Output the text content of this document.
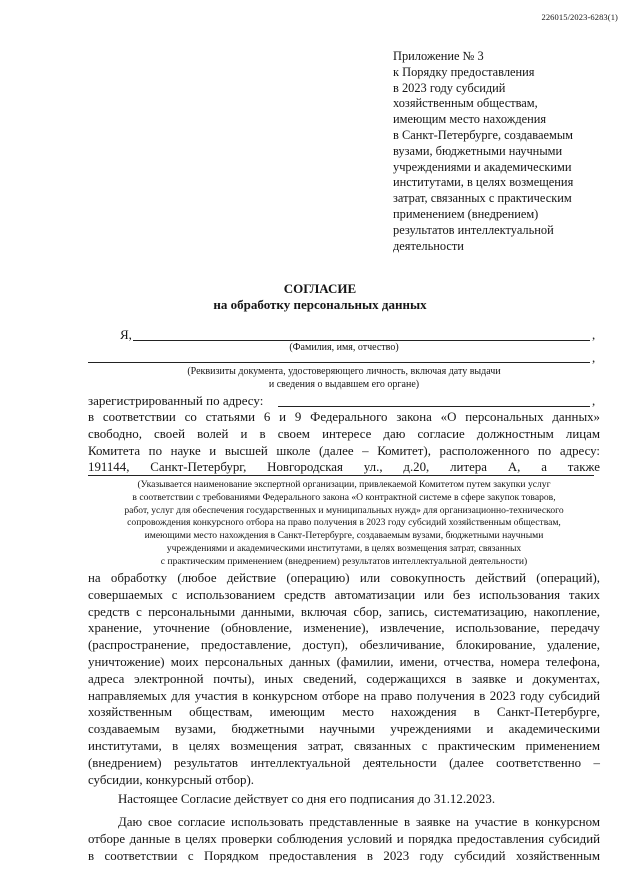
226015/2023-6283(1)
Приложение № 3
к Порядку предоставления
в 2023 году субсидий
хозяйственным обществам,
имеющим место нахождения
в Санкт-Петербурге, создаваемым
вузами, бюджетными научными
учреждениями и академическими
институтами, в целях возмещения
затрат, связанных с практическим
применением (внедрением)
результатов интеллектуальной
деятельности
СОГЛАСИЕ
на обработку персональных данных
Я,	,
(Фамилия, имя, отчество)
,
(Реквизиты документа, удостоверяющего личность, включая дату выдачи
и сведения о выдавшем его органе)
зарегистрированный по адресу:	,
в соответствии со статьями 6 и 9 Федерального закона «О персональных данных»
свободно, своей волей и в своем интересе даю согласие должностным лицам
Комитета по науке и высшей школе (далее – Комитет), расположенного по адресу:
191144, Санкт-Петербург, Новгородская ул., д.20, литера А, а также
(Указывается наименование экспертной организации, привлекаемой Комитетом путем закупки услуг
в соответствии с требованиями Федерального закона «О контрактной системе в сфере закупок товаров,
работ, услуг для обеспечения государственных и муниципальных нужд» для организационно-технического
сопровождения конкурсного отбора на право получения в 2023 году субсидий хозяйственным обществам,
имеющими место нахождения в Санкт-Петербурге, создаваемым вузами, бюджетными научными
учреждениями и академическими институтами, в целях возмещения затрат, связанных
с практическим применением (внедрением) результатов интеллектуальной деятельности)
на обработку (любое действие (операцию) или совокупность действий (операций),
совершаемых с использованием средств автоматизации или без использования таких
средств с персональными данными, включая сбор, запись, систематизацию, накопление,
хранение, уточнение (обновление, изменение), извлечение, использование, передачу
(распространение, предоставление, доступ), обезличивание, блокирование, удаление,
уничтожение) моих персональных данных (фамилии, имени, отчества, номера телефона,
адреса электронной почты), иных сведений, содержащихся в заявке и документах,
направляемых для участия в конкурсном отборе на право получения в 2023 году субсидий
хозяйственным обществам, имеющим место нахождения в Санкт-Петербурге,
создаваемым вузами, бюджетными научными учреждениями и академическими
институтами, в целях возмещения затрат, связанных с практическим применением
(внедрением) результатов интеллектуальной деятельности (далее соответственно –
субсидии, конкурсный отбор).

Настоящее Согласие действует со дня его подписания до 31.12.2023.

Даю свое согласие использовать представленные в заявке на участие в конкурсном
отборе данные в целях проверки соблюдения условий и порядка предоставления субсидий
в соответствии с Порядком предоставления в 2023 году субсидий хозяйственным
